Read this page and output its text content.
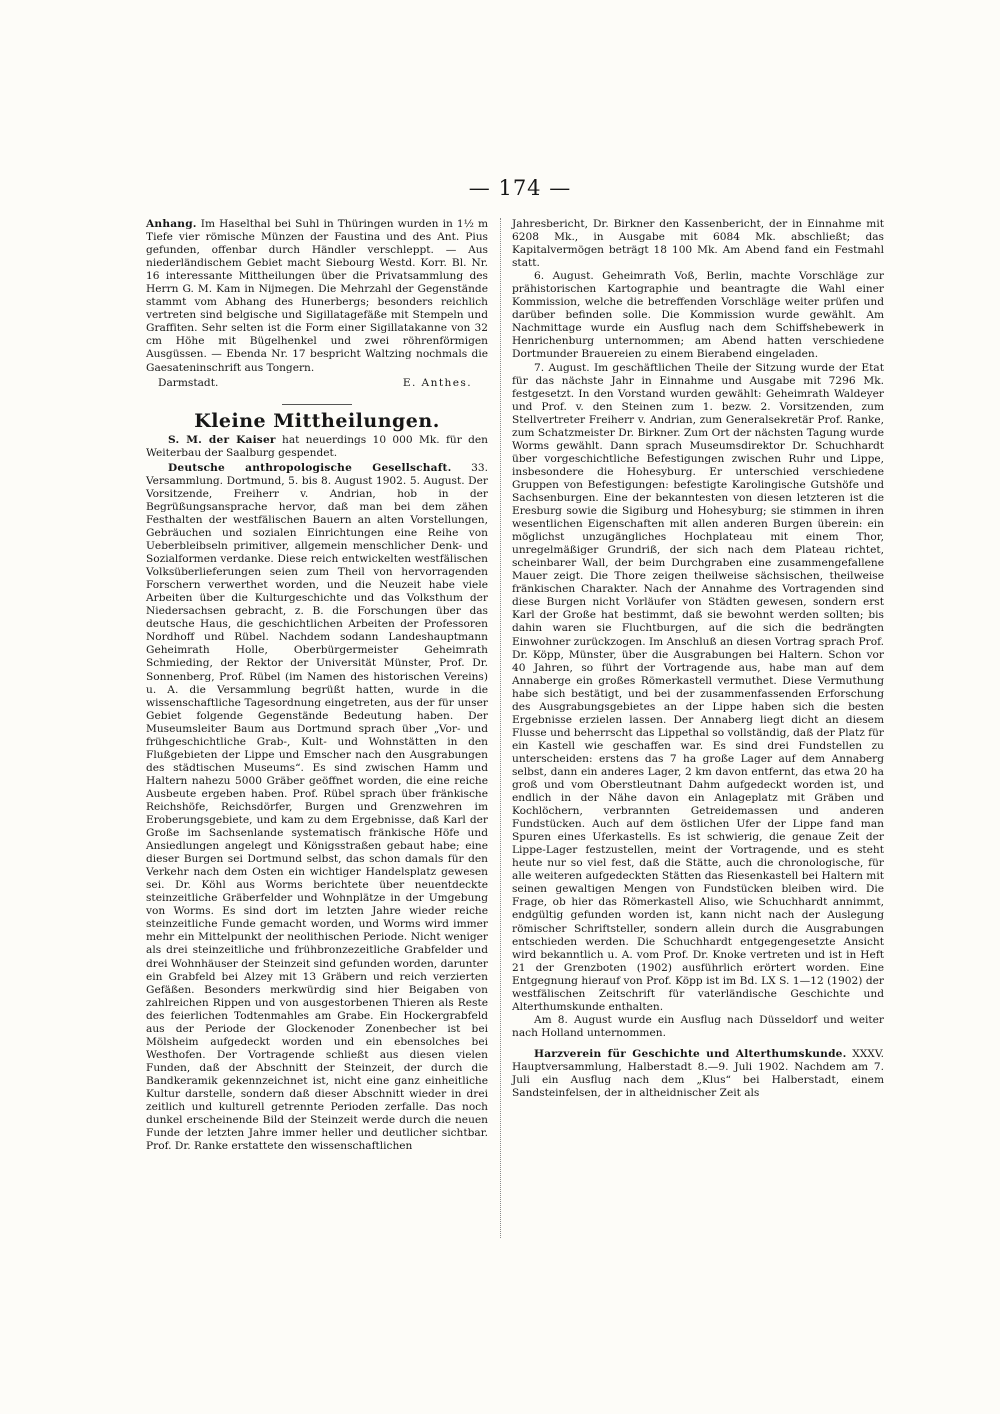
— 174 —

Anhang. Im Haselthal bei Suhl in Thüringen wurden in 1½ m Tiefe vier römische Münzen der Faustina und des Ant. Pius gefunden, offenbar durch Händler verschleppt. — Aus niederländischem Gebiet macht Siebourg Westd. Korr. Bl. Nr. 16 interessante Mittheilungen über die Privatsammlung des Herrn G. M. Kam in Nijmegen. Die Mehrzahl der Gegenstände stammt vom Abhang des Hunerbergs; besonders reichlich vertreten sind belgische und Sigillatagefäße mit Stempeln und Graffiten. Sehr selten ist die Form einer Sigillatakanne von 32 cm Höhe mit Bügelhenkel und zwei röhrenförmigen Ausgüssen. — Ebenda Nr. 17 bespricht Waltzing nochmals die Gaesateninschrift aus Tongern.

Darmstadt.	E. Anthes.
Kleine Mittheilungen.

S. M. der Kaiser hat neuerdings 10 000 Mk. für den Weiterbau der Saalburg gespendet.

Deutsche anthropologische Gesellschaft. 33. Versammlung. Dortmund, 5. bis 8. August 1902. 5. August. Der Vorsitzende, Freiherr v. Andrian, hob in der Begrüßungsansprache hervor, daß man bei dem zähen Festhalten der westfälischen Bauern an alten Vorstellungen, Gebräuchen und sozialen Einrichtungen eine Reihe von Ueberbleibseln primitiver, allgemein menschlicher Denk- und Sozialformen verdanke. Diese reich entwickelten westfälischen Volksüberlieferungen seien zum Theil von hervorragenden Forschern verwerthet worden, und die Neuzeit habe viele Arbeiten über die Kulturgeschichte und das Volksthum der Niedersachsen gebracht, z. B. die Forschungen über das deutsche Haus, die geschichtlichen Arbeiten der Professoren Nordhoff und Rübel. Nachdem sodann Landeshauptmann Geheimrath Holle, Oberbürgermeister Geheimrath Schmieding, der Rektor der Universität Münster, Prof. Dr. Sonnenberg, Prof. Rübel (im Namen des historischen Vereins) u. A. die Versammlung begrüßt hatten, wurde in die wissenschaftliche Tagesordnung eingetreten, aus der für unser Gebiet folgende Gegenstände Bedeutung haben. Der Museumsleiter Baum aus Dortmund sprach über „Vor- und frühgeschichtliche Grab-, Kult- und Wohnstätten in den Flußgebieten der Lippe und Emscher nach den Ausgrabungen des städtischen Museums“. Es sind zwischen Hamm und Haltern nahezu 5000 Gräber geöffnet worden, die eine reiche Ausbeute ergeben haben. Prof. Rübel sprach über fränkische Reichshöfe, Reichsdörfer, Burgen und Grenzwehren im Eroberungsgebiete, und kam zu dem Ergebnisse, daß Karl der Große im Sachsenlande systematisch fränkische Höfe und Ansiedlungen angelegt und Königsstraßen gebaut habe; eine dieser Burgen sei Dortmund selbst, das schon damals für den Verkehr nach dem Osten ein wichtiger Handelsplatz gewesen sei. Dr. Köhl aus Worms berichtete über neuentdeckte steinzeitliche Gräberfelder und Wohnplätze in der Umgebung von Worms. Es sind dort im letzten Jahre wieder reiche steinzeitliche Funde gemacht worden, und Worms wird immer mehr ein Mittelpunkt der neolithischen Periode. Nicht weniger als drei steinzeitliche und frühbronzezeitliche Grabfelder und drei Wohnhäuser der Steinzeit sind gefunden worden, darunter ein Grabfeld bei Alzey mit 13 Gräbern und reich verzierten Gefäßen. Besonders merkwürdig sind hier Beigaben von zahlreichen Rippen und von ausgestorbenen Thieren als Reste des feierlichen Todtenmahles am Grabe. Ein Hockergrabfeld aus der Periode der Glockenoder Zonenbecher ist bei Mölsheim aufgedeckt worden und ein ebensolches bei Westhofen. Der Vortragende schließt aus diesen vielen Funden, daß der Abschnitt der Steinzeit, der durch die Bandkeramik gekennzeichnet ist, nicht eine ganz einheitliche Kultur darstelle, sondern daß dieser Abschnitt wieder in drei zeitlich und kulturell getrennte Perioden zerfalle. Das noch dunkel erscheinende Bild der Steinzeit werde durch die neuen Funde der letzten Jahre immer heller und deutlicher sichtbar. Prof. Dr. Ranke erstattete den wissenschaftlichen

Jahresbericht, Dr. Birkner den Kassenbericht, der in Einnahme mit 6208 Mk., in Ausgabe mit 6084 Mk. abschließt; das Kapitalvermögen beträgt 18 100 Mk. Am Abend fand ein Festmahl statt.

6. August. Geheimrath Voß, Berlin, machte Vorschläge zur prähistorischen Kartographie und beantragte die Wahl einer Kommission, welche die betreffenden Vorschläge weiter prüfen und darüber befinden solle. Die Kommission wurde gewählt. Am Nachmittage wurde ein Ausflug nach dem Schiffshebewerk in Henrichenburg unternommen; am Abend hatten verschiedene Dortmunder Brauereien zu einem Bierabend eingeladen.

7. August. Im geschäftlichen Theile der Sitzung wurde der Etat für das nächste Jahr in Einnahme und Ausgabe mit 7296 Mk. festgesetzt. In den Vorstand wurden gewählt: Geheimrath Waldeyer und Prof. v. den Steinen zum 1. bezw. 2. Vorsitzenden, zum Stellvertreter Freiherr v. Andrian, zum Generalsekretär Prof. Ranke, zum Schatzmeister Dr. Birkner. Zum Ort der nächsten Tagung wurde Worms gewählt. Dann sprach Museumsdirektor Dr. Schuchhardt über vorgeschichtliche Befestigungen zwischen Ruhr und Lippe, insbesondere die Hohesyburg. Er unterschied verschiedene Gruppen von Befestigungen: befestigte Karolingische Gutshöfe und Sachsenburgen. Eine der bekanntesten von diesen letzteren ist die Eresburg sowie die Sigiburg und Hohesyburg; sie stimmen in ihren wesentlichen Eigenschaften mit allen anderen Burgen überein: ein möglichst unzugängliches Hochplateau mit einem Thor, unregelmäßiger Grundriß, der sich nach dem Plateau richtet, scheinbarer Wall, der beim Durchgraben eine zusammengefallene Mauer zeigt. Die Thore zeigen theilweise sächsischen, theilweise fränkischen Charakter. Nach der Annahme des Vortragenden sind diese Burgen nicht Vorläufer von Städten gewesen, sondern erst Karl der Große hat bestimmt, daß sie bewohnt werden sollten; bis dahin waren sie Fluchtburgen, auf die sich die bedrängten Einwohner zurückzogen. Im Anschluß an diesen Vortrag sprach Prof. Dr. Köpp, Münster, über die Ausgrabungen bei Haltern. Schon vor 40 Jahren, so führt der Vortragende aus, habe man auf dem Annaberge ein großes Römerkastell vermuthet. Diese Vermuthung habe sich bestätigt, und bei der zusammenfassenden Erforschung des Ausgrabungsgebietes an der Lippe haben sich die besten Ergebnisse erzielen lassen. Der Annaberg liegt dicht an diesem Flusse und beherrscht das Lippethal so vollständig, daß der Platz für ein Kastell wie geschaffen war. Es sind drei Fundstellen zu unterscheiden: erstens das 7 ha große Lager auf dem Annaberg selbst, dann ein anderes Lager, 2 km davon entfernt, das etwa 20 ha groß und vom Oberstleutnant Dahm aufgedeckt worden ist, und endlich in der Nähe davon ein Anlageplatz mit Gräben und Kochlöchern, verbrannten Getreidemassen und anderen Fundstücken. Auch auf dem östlichen Ufer der Lippe fand man Spuren eines Uferkastells. Es ist schwierig, die genaue Zeit der Lippe-Lager festzustellen, meint der Vortragende, und es steht heute nur so viel fest, daß die Stätte, auch die chronologische, für alle weiteren aufgedeckten Stätten das Riesenkastell bei Haltern mit seinen gewaltigen Mengen von Fundstücken bleiben wird. Die Frage, ob hier das Römerkastell Aliso, wie Schuchhardt annimmt, endgültig gefunden worden ist, kann nicht nach der Auslegung römischer Schriftsteller, sondern allein durch die Ausgrabungen entschieden werden. Die Schuchhardt entgegengesetzte Ansicht wird bekanntlich u. A. vom Prof. Dr. Knoke vertreten und ist in Heft 21 der Grenzboten (1902) ausführlich erörtert worden. Eine Entgegnung hierauf von Prof. Köpp ist im Bd. LX S. 1—12 (1902) der westfälischen Zeitschrift für vaterländische Geschichte und Alterthumskunde enthalten.

Am 8. August wurde ein Ausflug nach Düsseldorf und weiter nach Holland unternommen.

Harzverein für Geschichte und Alterthumskunde. XXXV. Hauptversammlung, Halberstadt 8.—9. Juli 1902. Nachdem am 7. Juli ein Ausflug nach dem „Klus“ bei Halberstadt, einem Sandsteinfelsen, der in altheidnischer Zeit als
